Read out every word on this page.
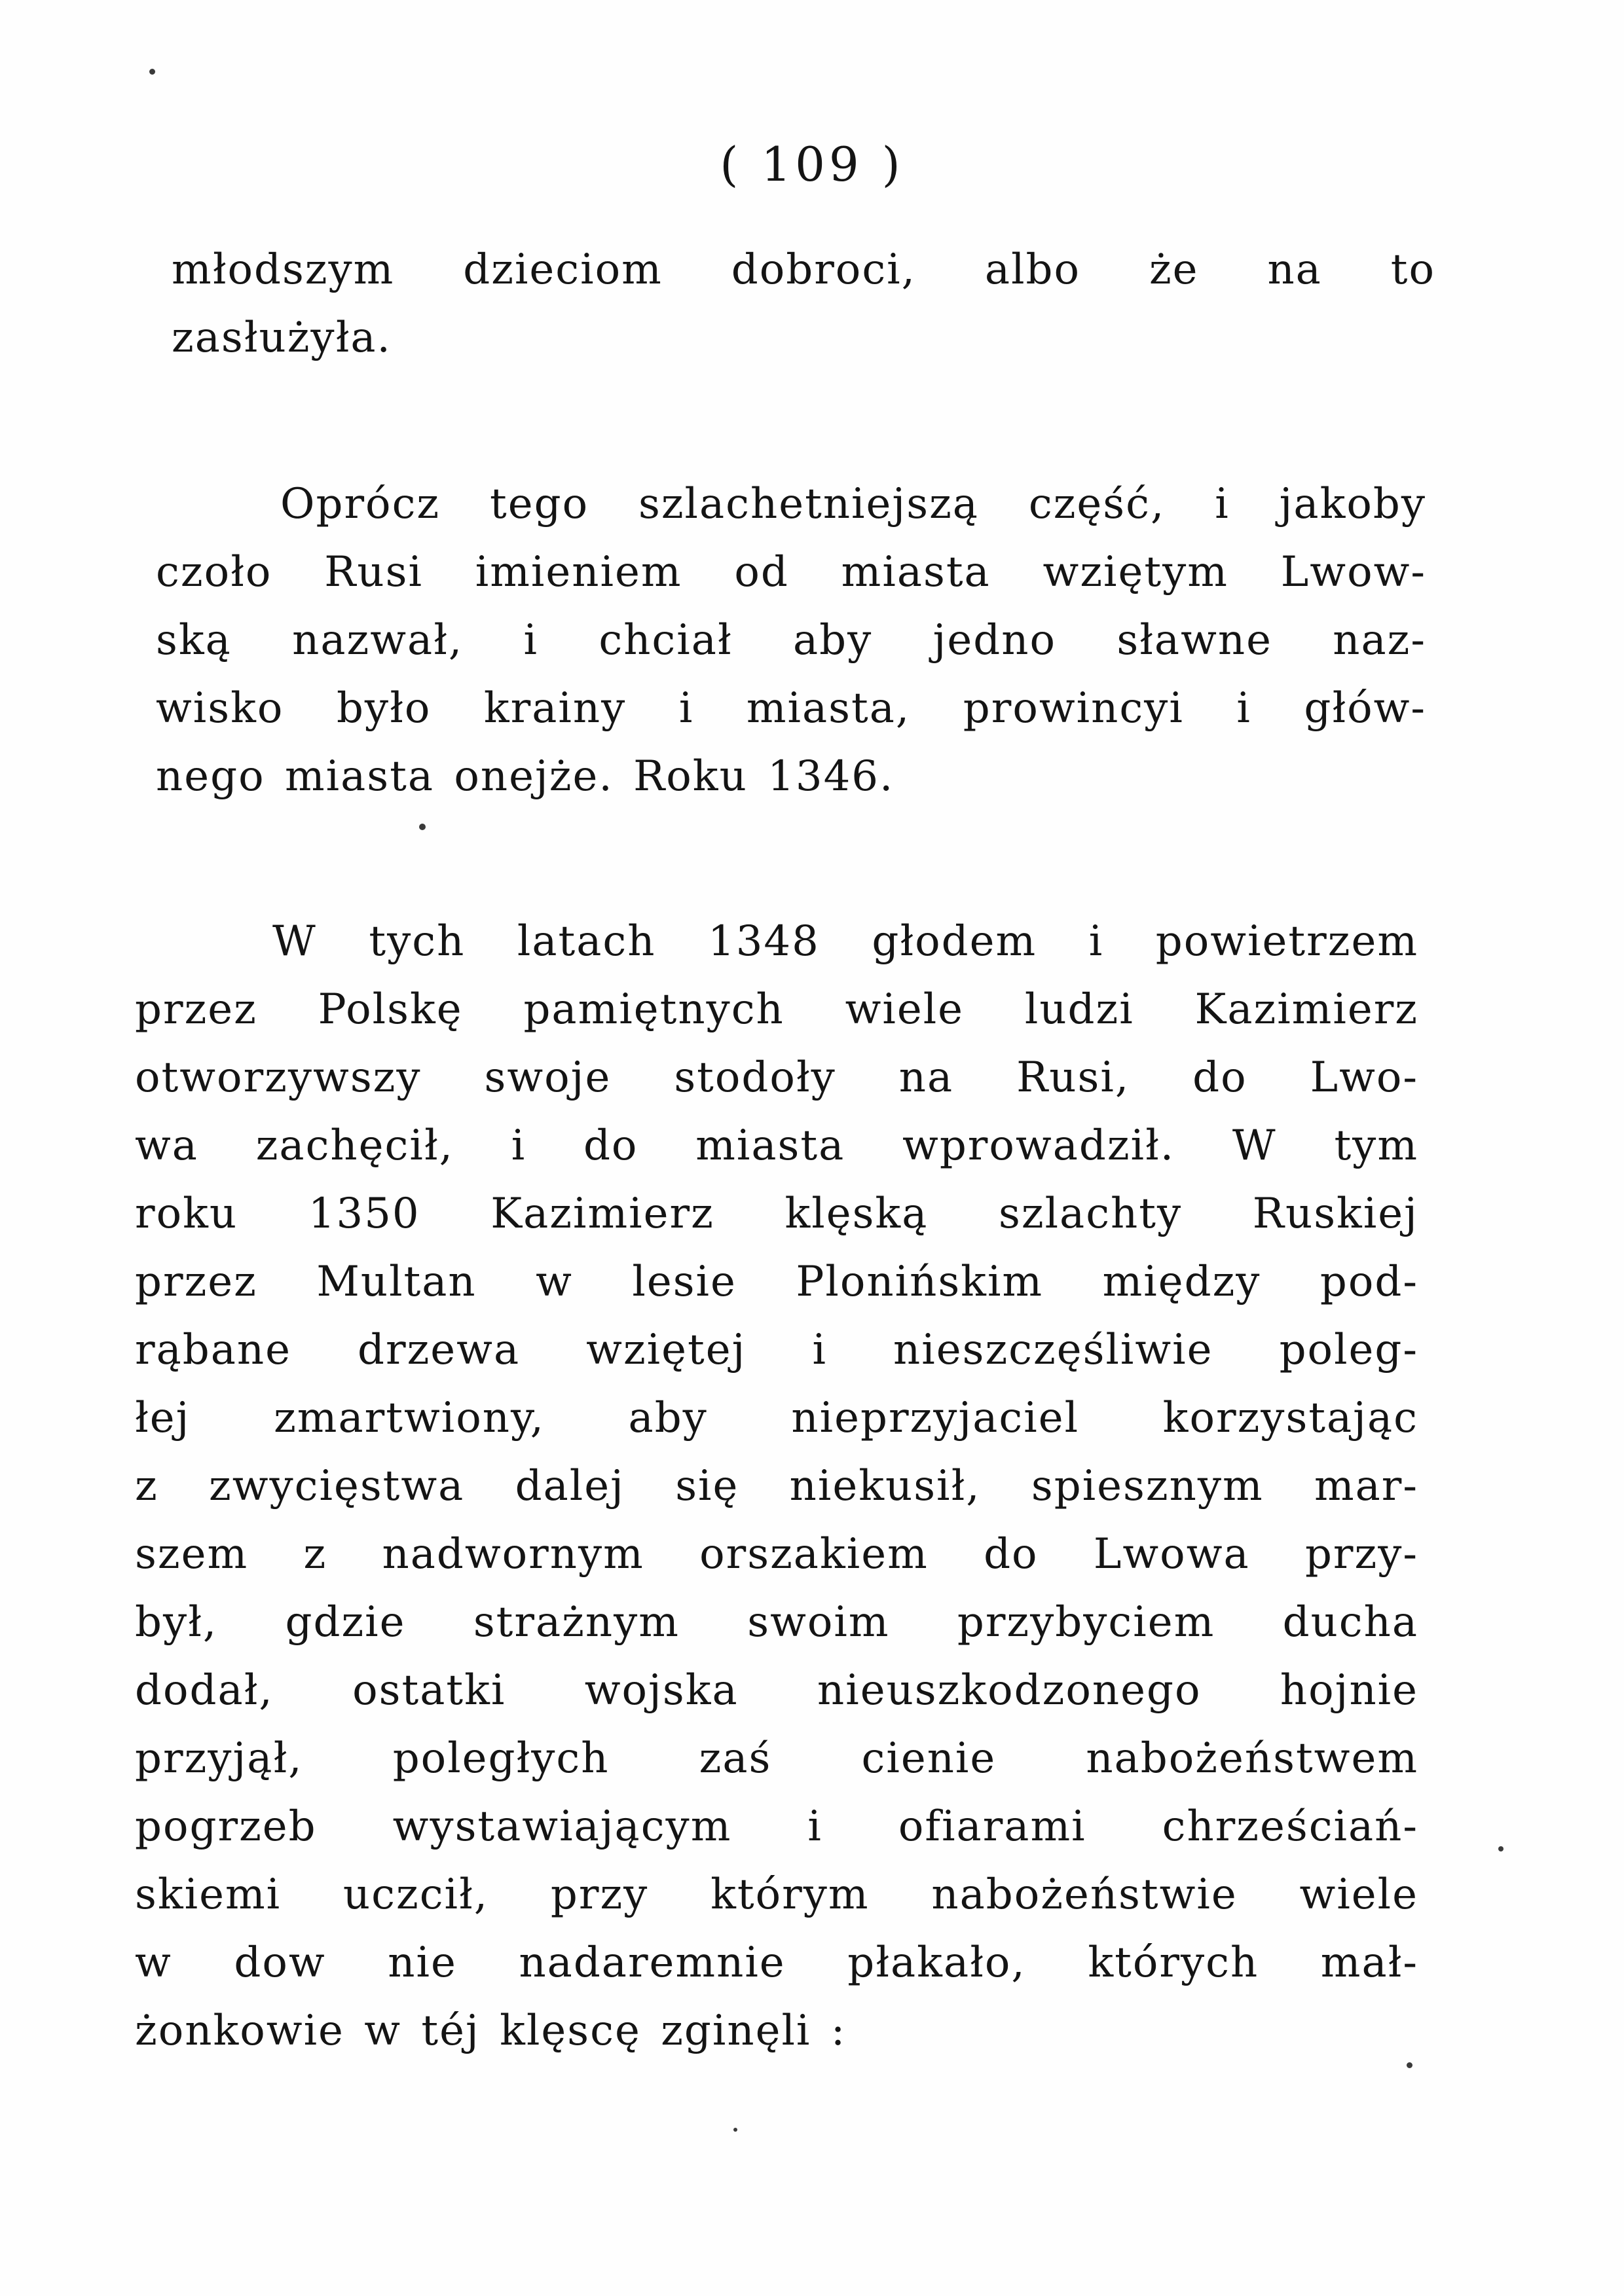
( 109 )
młodszym dzieciom dobroci, albo że na to
zasłużyła.
Oprócz tego szlachetniejszą część, i jakoby
czoło Rusi imieniem od miasta wziętym Lwow-
ską nazwał, i chciał aby jedno sławne naz-
wisko było krainy i miasta, prowincyi i głów-
nego miasta onejże. Roku 1346.
W tych latach 1348 głodem i powietrzem
przez Polskę pamiętnych wiele ludzi Kazimierz
otworzywszy swoje stodoły na Rusi, do Lwo-
wa zachęcił, i do miasta wprowadził. W tym
roku 1350 Kazimierz klęską szlachty Ruskiej
przez Multan w lesie Plonińskim między pod-
rąbane drzewa wziętej i nieszczęśliwie poleg-
łej zmartwiony, aby nieprzyjaciel korzystając
z zwycięstwa dalej się niekusił, spiesznym mar-
szem z nadwornym orszakiem do Lwowa przy-
był, gdzie strażnym swoim przybyciem ducha
dodał, ostatki wojska nieuszkodzonego hojnie
przyjął, poległych zaś cienie nabożeństwem
pogrzeb wystawiającym i ofiarami chrześciań-
skiemi uczcił, przy którym nabożeństwie wiele
w dow nie nadaremnie płakało, których mał-
żonkowie w téj klęscę zginęli :
